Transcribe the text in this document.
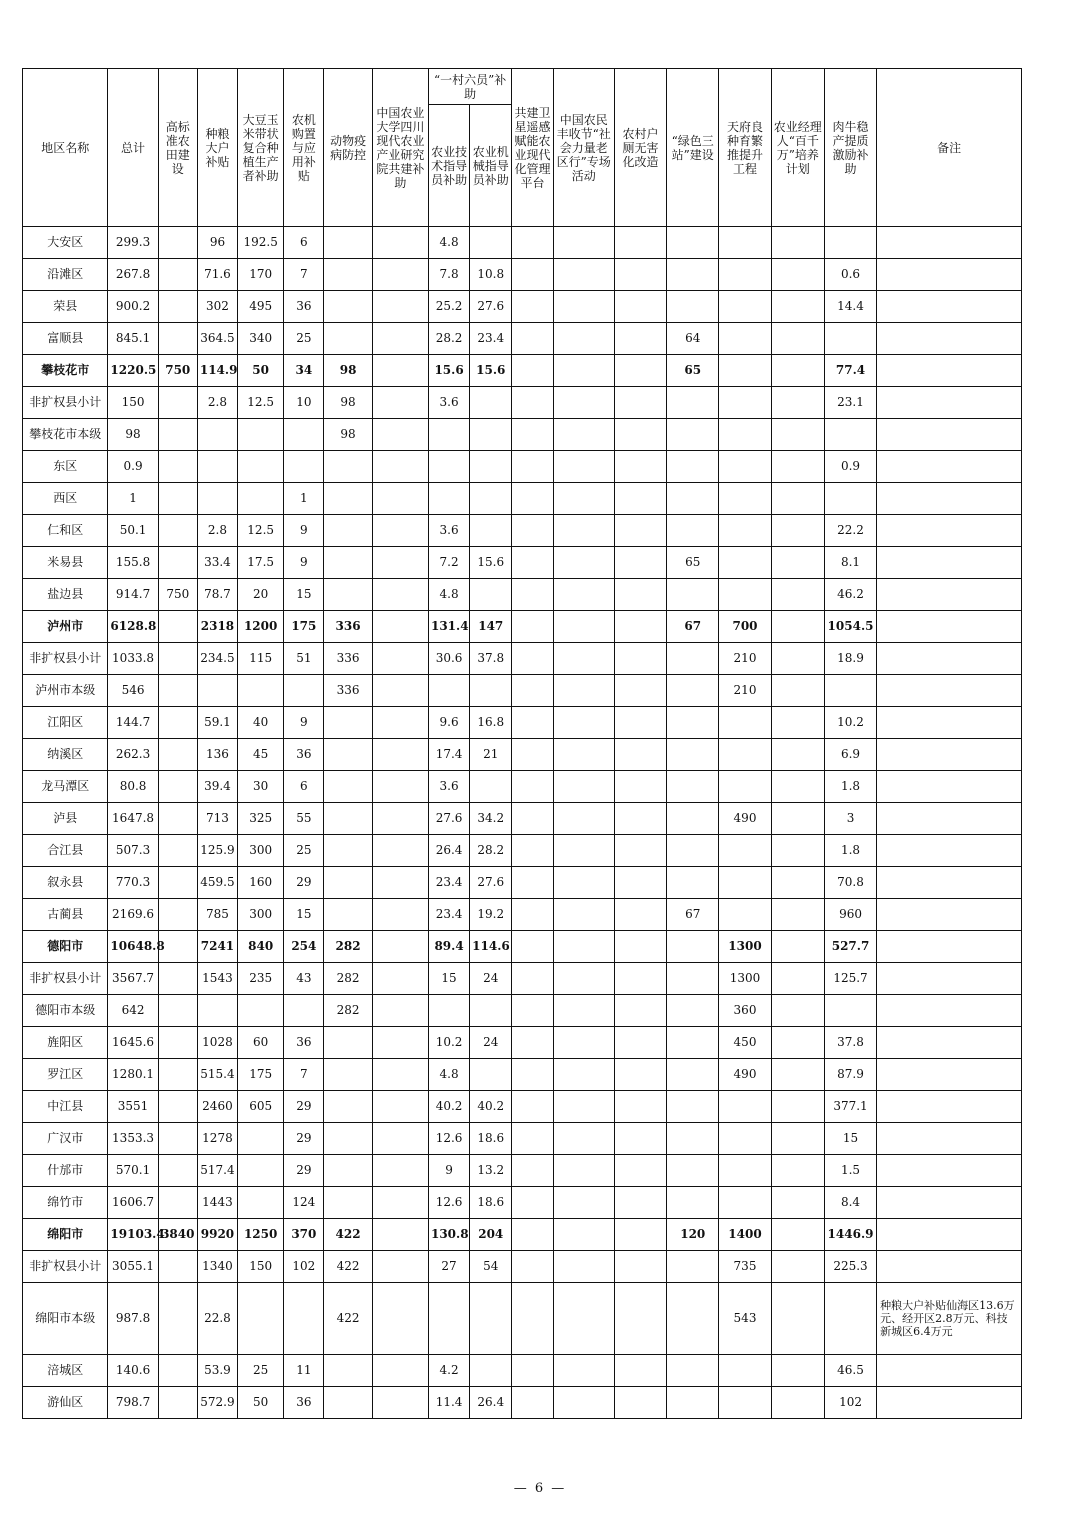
地区名称	总计	高标准农田建设	种粮大户补贴	大豆玉米带状复合种植生产者补助	农机购置与应用补贴	动物疫病防控	中国农业大学四川现代农业产业研究院共建补助	“一村六员”补助		共建卫星遥感赋能农业现代化管理平台	中国农民丰收节“社会力量老区行”专场活动	农村户厕无害化改造	“绿色三站”建设	天府良种育繁推提升工程	农业经理人“百千万”培养计划	肉牛稳产提质激励补助	备注
								农业技术指导员补助	农业机械指导员补助								
大安区	299.3		96	192.5	6			4.8									
沿滩区	267.8		71.6	170	7			7.8	10.8							0.6	
荣县	900.2		302	495	36			25.2	27.6							14.4	
富顺县	845.1		364.5	340	25			28.2	23.4				64				
攀枝花市	1220.5	750	114.9	50	34	98		15.6	15.6				65			77.4	
非扩权县小计	150		2.8	12.5	10	98		3.6								23.1	
攀枝花市本级	98					98											
东区	0.9															0.9	
西区	1				1												
仁和区	50.1		2.8	12.5	9			3.6								22.2	
米易县	155.8		33.4	17.5	9			7.2	15.6				65			8.1	
盐边县	914.7	750	78.7	20	15			4.8								46.2	
泸州市	6128.8		2318	1200	175	336		131.4	147				67	700		1054.5	
非扩权县小计	1033.8		234.5	115	51	336		30.6	37.8					210		18.9	
泸州市本级	546					336								210			
江阳区	144.7		59.1	40	9			9.6	16.8							10.2	
纳溪区	262.3		136	45	36			17.4	21							6.9	
龙马潭区	80.8		39.4	30	6			3.6								1.8	
泸县	1647.8		713	325	55			27.6	34.2					490		3	
合江县	507.3		125.9	300	25			26.4	28.2							1.8	
叙永县	770.3		459.5	160	29			23.4	27.6							70.8	
古蔺县	2169.6		785	300	15			23.4	19.2				67			960	
德阳市	10648.8		7241	840	254	282		89.4	114.6					1300		527.7	
非扩权县小计	3567.7		1543	235	43	282		15	24					1300		125.7	
德阳市本级	642					282								360			
旌阳区	1645.6		1028	60	36			10.2	24					450		37.8	
罗江区	1280.1		515.4	175	7			4.8						490		87.9	
中江县	3551		2460	605	29			40.2	40.2							377.1	
广汉市	1353.3		1278		29			12.6	18.6							15	
什邡市	570.1		517.4		29			9	13.2							1.5	
绵竹市	1606.7		1443		124			12.6	18.6							8.4	
绵阳市	19103.4	3840	9920	1250	370	422		130.8	204				120	1400		1446.9	
非扩权县小计	3055.1		1340	150	102	422		27	54					735		225.3	
绵阳市本级	987.8		22.8			422								543			种粮大户补贴仙海区13.6万元、经开区2.8万元、科技新城区6.4万元
涪城区	140.6		53.9	25	11			4.2								46.5	
游仙区	798.7		572.9	50	36			11.4	26.4							102	
— 6 —
